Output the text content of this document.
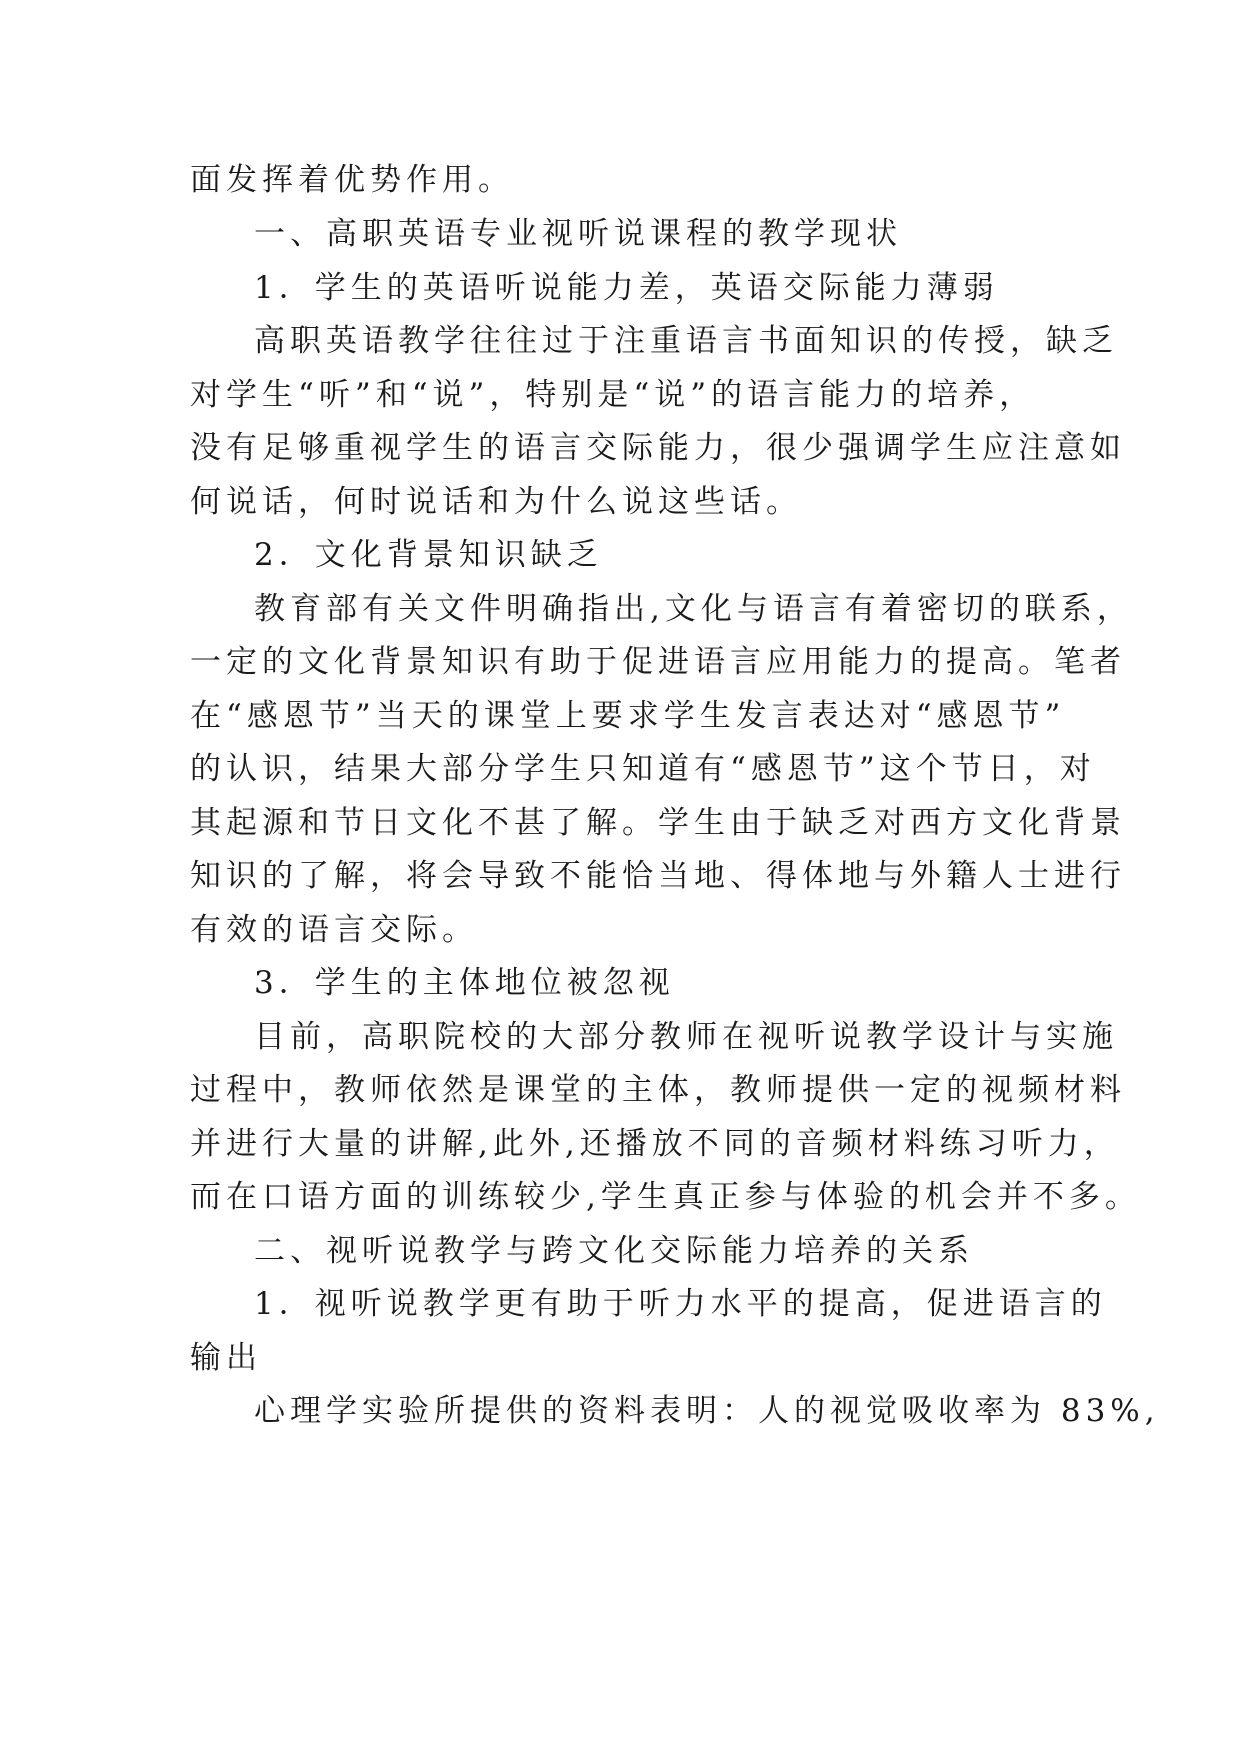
面发挥着优势作用。
一、高职英语专业视听说课程的教学现状
1．学生的英语听说能力差，英语交际能力薄弱
高职英语教学往往过于注重语言书面知识的传授，缺乏
对学生“听”和“说”，特别是“说”的语言能力的培养，
没有足够重视学生的语言交际能力，很少强调学生应注意如
何说话，何时说话和为什么说这些话。
2．文化背景知识缺乏
教育部有关文件明确指出,文化与语言有着密切的联系，
一定的文化背景知识有助于促进语言应用能力的提高。笔者
在“感恩节”当天的课堂上要求学生发言表达对“感恩节”
的认识，结果大部分学生只知道有“感恩节”这个节日，对
其起源和节日文化不甚了解。学生由于缺乏对西方文化背景
知识的了解，将会导致不能恰当地、得体地与外籍人士进行
有效的语言交际。
3．学生的主体地位被忽视
目前，高职院校的大部分教师在视听说教学设计与实施
过程中，教师依然是课堂的主体，教师提供一定的视频材料
并进行大量的讲解,此外,还播放不同的音频材料练习听力，
而在口语方面的训练较少,学生真正参与体验的机会并不多。
二、视听说教学与跨文化交际能力培养的关系
1．视听说教学更有助于听力水平的提高，促进语言的
输出
心理学实验所提供的资料表明：人的视觉吸收率为 83%,
